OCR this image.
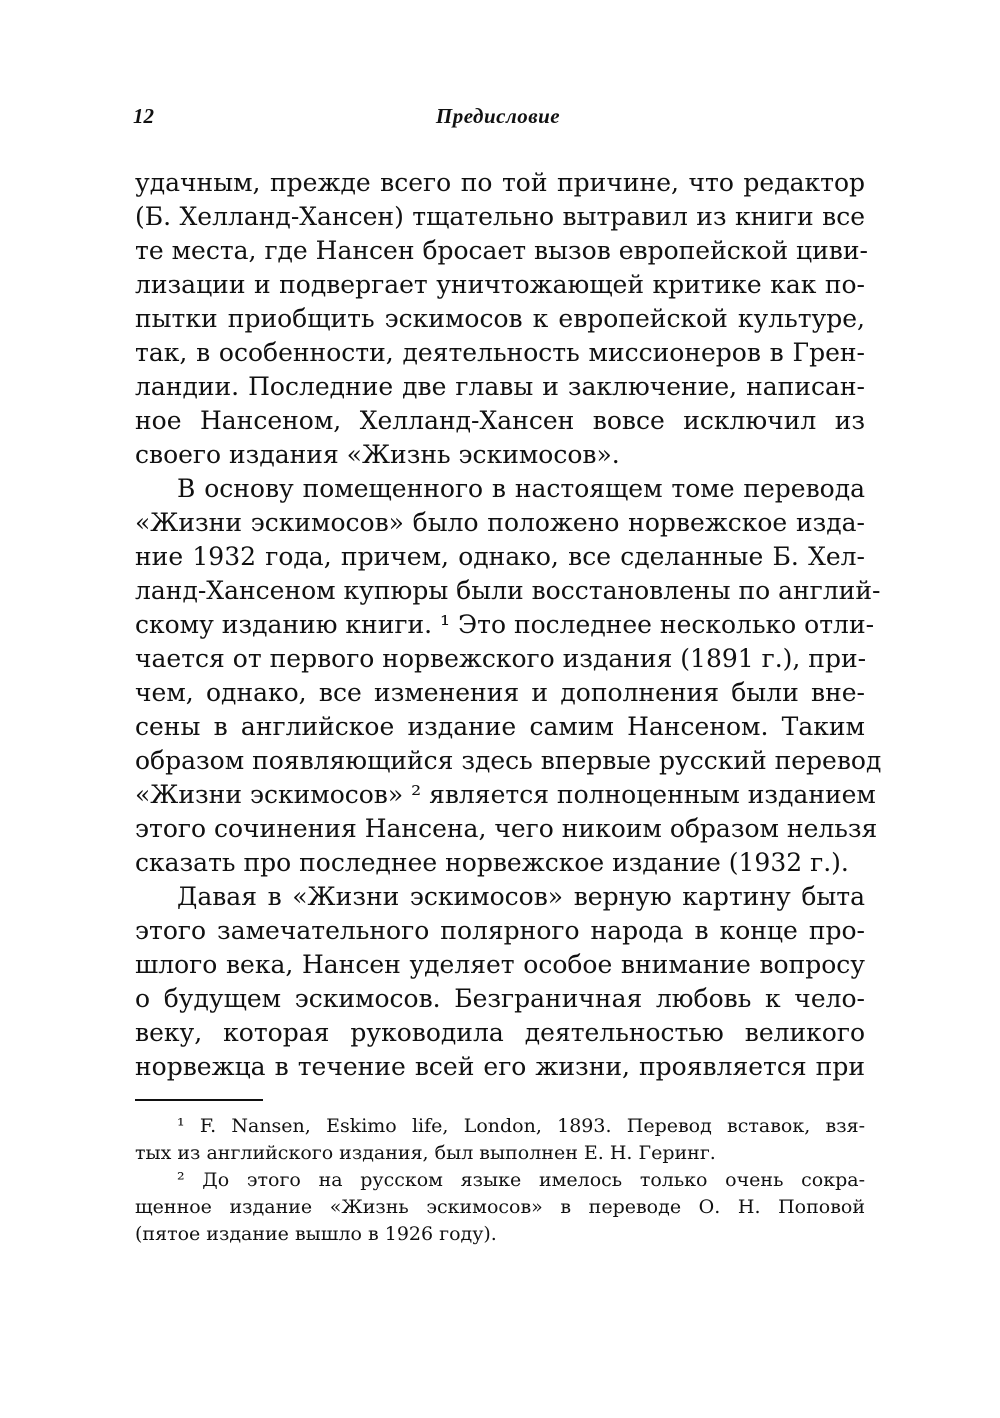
12	Предисловие
удачным, прежде всего по той причине, что редактор
(Б. Хелланд-Хансен) тщательно вытравил из книги все
те места, где Нансен бросает вызов европейской циви-
лизации и подвергает уничтожающей критике как по-
пытки приобщить эскимосов к европейской культуре,
так, в особенности, деятельность миссионеров в Грен-
ландии. Последние две главы и заключение, написан-
ное Нансеном, Хелланд-Хансен вовсе исключил из
своего издания «Жизнь эскимосов».
В основу помещенного в настоящем томе перевода
«Жизни эскимосов» было положено норвежское изда-
ние 1932 года, причем, однако, все сделанные Б. Хел-
ланд-Хансеном купюры были восстановлены по англий-
скому изданию книги. ¹ Это последнее несколько отли-
чается от первого норвежского издания (1891 г.), при-
чем, однако, все изменения и дополнения были вне-
сены в английское издание самим Нансеном. Таким
образом появляющийся здесь впервые русский перевод
«Жизни эскимосов» ² является полноценным изданием
этого сочинения Нансена, чего никоим образом нельзя
сказать про последнее норвежское издание (1932 г.).
Давая в «Жизни эскимосов» верную картину быта
этого замечательного полярного народа в конце про-
шлого века, Нансен уделяет особое внимание вопросу
о будущем эскимосов. Безграничная любовь к чело-
веку, которая руководила деятельностью великого
норвежца в течение всей его жизни, проявляется при
¹ F. Nansen, Eskimo life, London, 1893. Перевод вставок, взя-
тых из английского издания, был выполнен Е. Н. Геринг.
² До этого на русском языке имелось только очень сокра-
щенное издание «Жизнь эскимосов» в переводе О. Н. Поповой
(пятое издание вышло в 1926 году).
